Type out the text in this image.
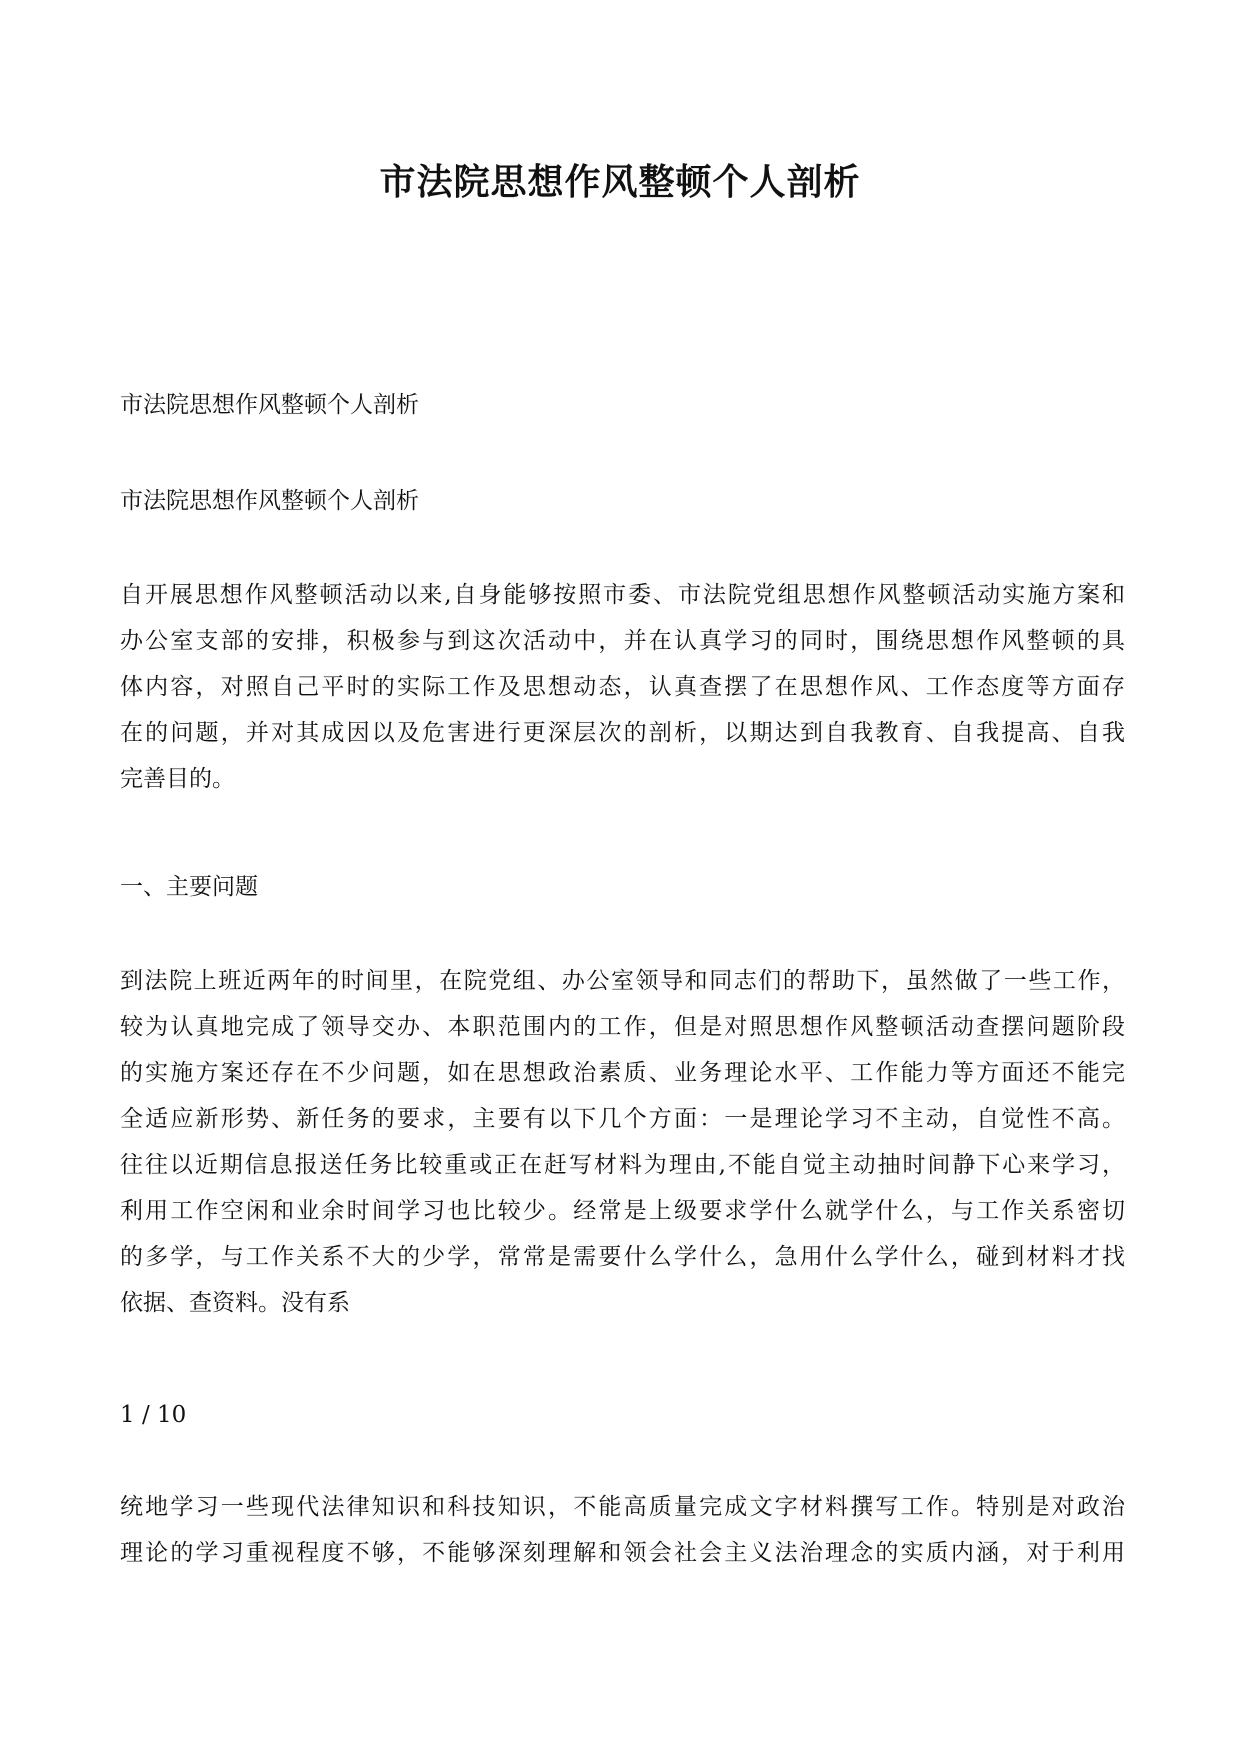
市法院思想作风整顿个人剖析
市法院思想作风整顿个人剖析
市法院思想作风整顿个人剖析
自开展思想作风整顿活动以来,自身能够按照市委、市法院党组思想作风整顿活动实施方案和
办公室支部的安排，积极参与到这次活动中，并在认真学习的同时，围绕思想作风整顿的具
体内容，对照自己平时的实际工作及思想动态，认真查摆了在思想作风、工作态度等方面存
在的问题，并对其成因以及危害进行更深层次的剖析，以期达到自我教育、自我提高、自我
完善目的。
一、主要问题
到法院上班近两年的时间里，在院党组、办公室领导和同志们的帮助下，虽然做了一些工作，
较为认真地完成了领导交办、本职范围内的工作，但是对照思想作风整顿活动查摆问题阶段
的实施方案还存在不少问题，如在思想政治素质、业务理论水平、工作能力等方面还不能完
全适应新形势、新任务的要求，主要有以下几个方面：一是理论学习不主动，自觉性不高。
往往以近期信息报送任务比较重或正在赶写材料为理由,不能自觉主动抽时间静下心来学习，
利用工作空闲和业余时间学习也比较少。经常是上级要求学什么就学什么，与工作关系密切
的多学，与工作关系不大的少学，常常是需要什么学什么，急用什么学什么，碰到材料才找
依据、查资料。没有系
1 / 10
统地学习一些现代法律知识和科技知识，不能高质量完成文字材料撰写工作。特别是对政治
理论的学习重视程度不够，不能够深刻理解和领会社会主义法治理念的实质内涵，对于利用
